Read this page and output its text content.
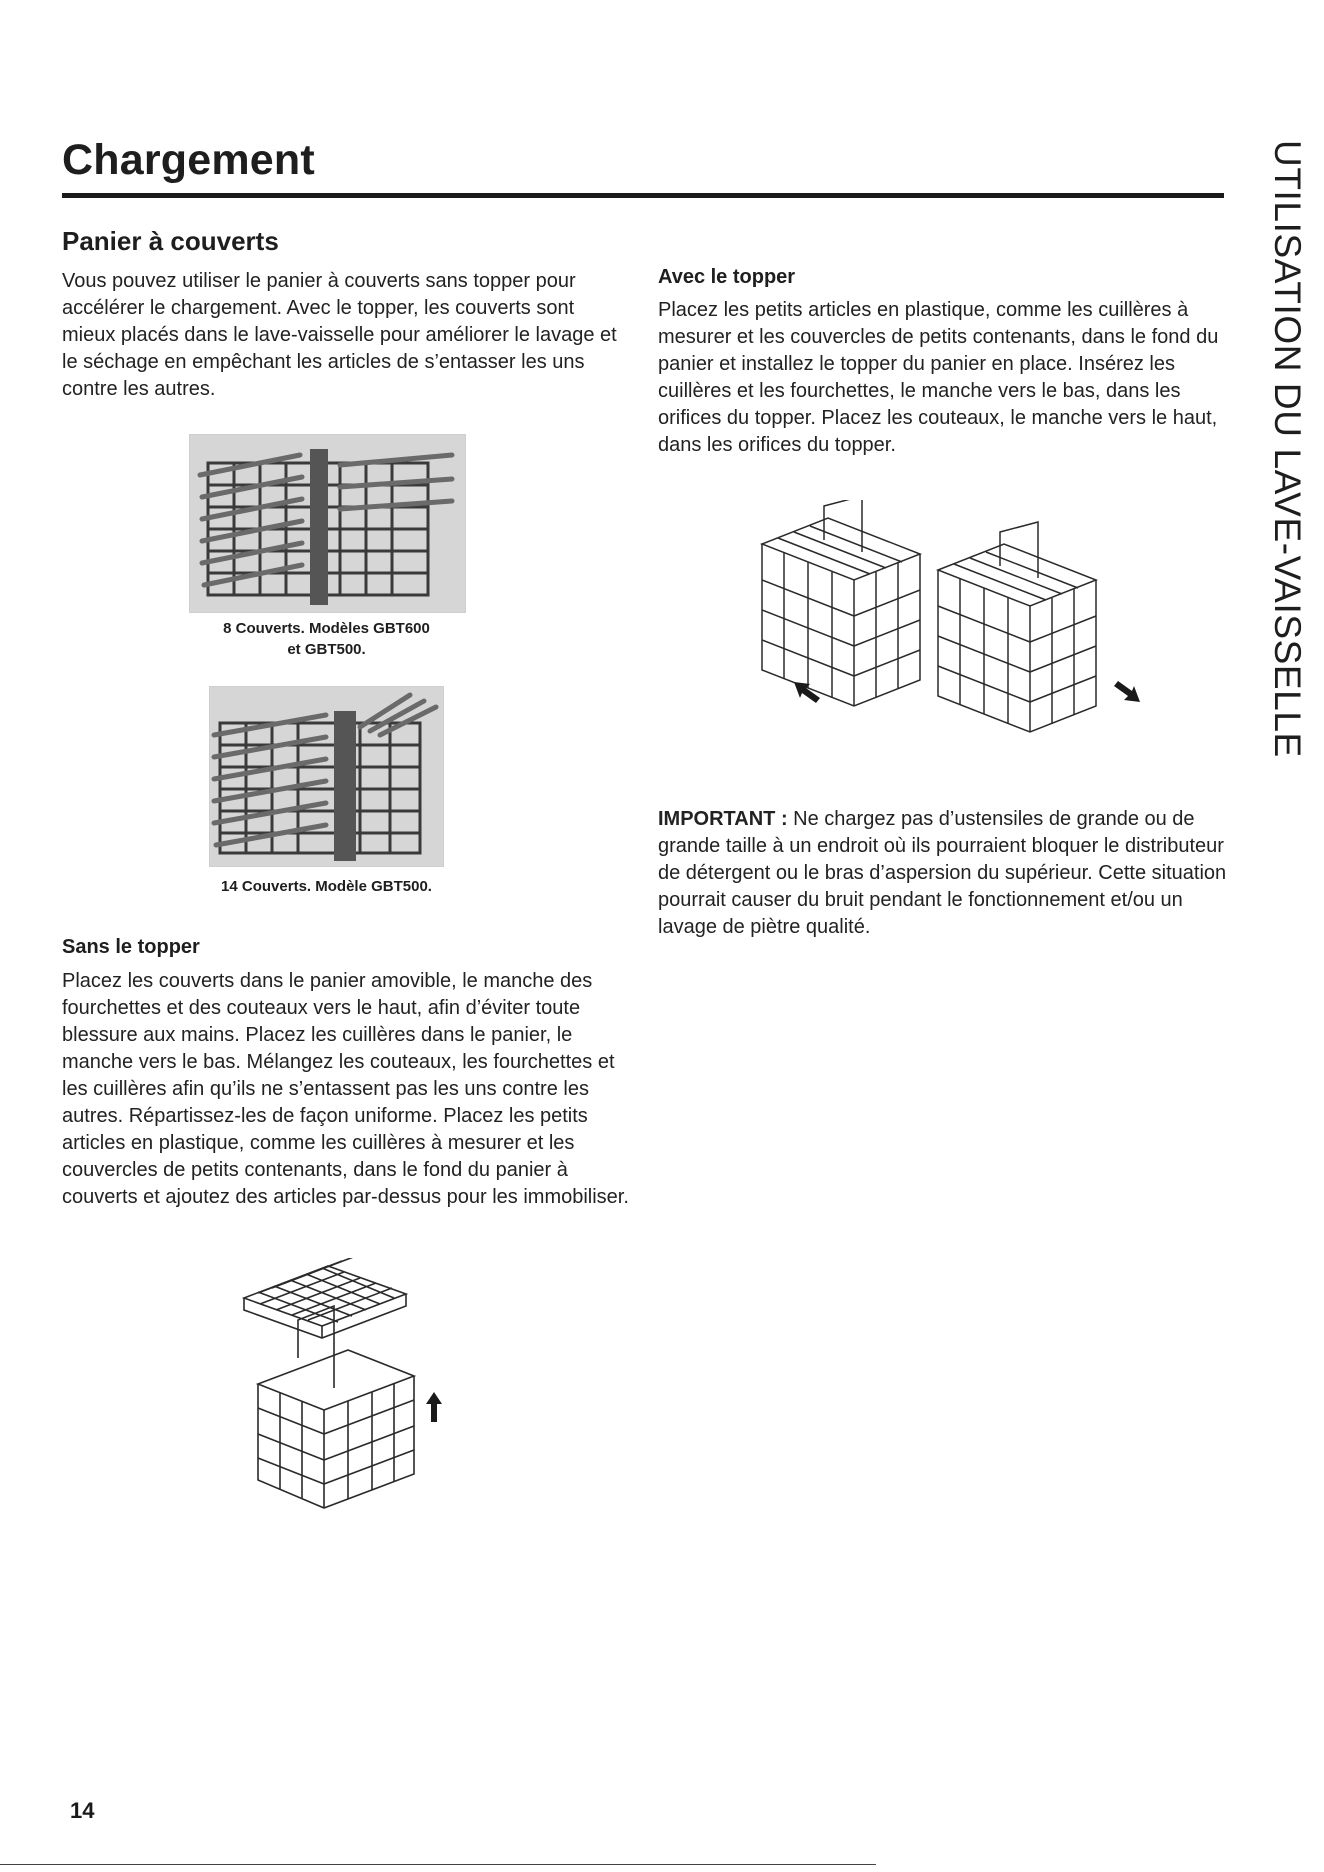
Chargement	UTILISATION DU LAVE-VAISSELLE
Panier à couverts

Vous pouvez utiliser le panier à couverts sans topper pour accélérer le chargement. Avec le topper, les couverts sont mieux placés dans le lave-vaisselle pour améliorer le lavage et le séchage en empêchant les articles de s’entasser les uns contre les autres.

8 Couverts. Modèles GBT600
et GBT500.
14 Couverts. Modèle GBT500.
Sans le topper

Placez les couverts dans le panier amovible, le manche des fourchettes et des couteaux vers le haut, afin d’éviter toute blessure aux mains. Placez les cuillères dans le panier, le manche vers le bas. Mélangez les couteaux, les fourchettes et les cuillères afin qu’ils ne s’entassent pas les uns contre les autres. Répartissez-les de façon uniforme. Placez les petits articles en plastique, comme les cuillères à mesurer et les couvercles de petits contenants, dans le fond du panier à couverts et ajoutez des articles par-dessus pour les immobiliser.

Avec le topper

Placez les petits articles en plastique, comme les cuillères à mesurer et les couvercles de petits contenants, dans le fond du panier et installez le topper du panier en place. Insérez les cuillères et les fourchettes, le manche vers le bas, dans les orifices du topper. Placez les couteaux, le manche vers le haut, dans les orifices du topper.

IMPORTANT : Ne chargez pas d’ustensiles de grande ou de grande taille à un endroit où ils pourraient bloquer le distributeur de détergent ou le bras d’aspersion du supérieur. Cette situation pourrait causer du bruit pendant le fonctionnement et/ou un lavage de piètre qualité.

14
